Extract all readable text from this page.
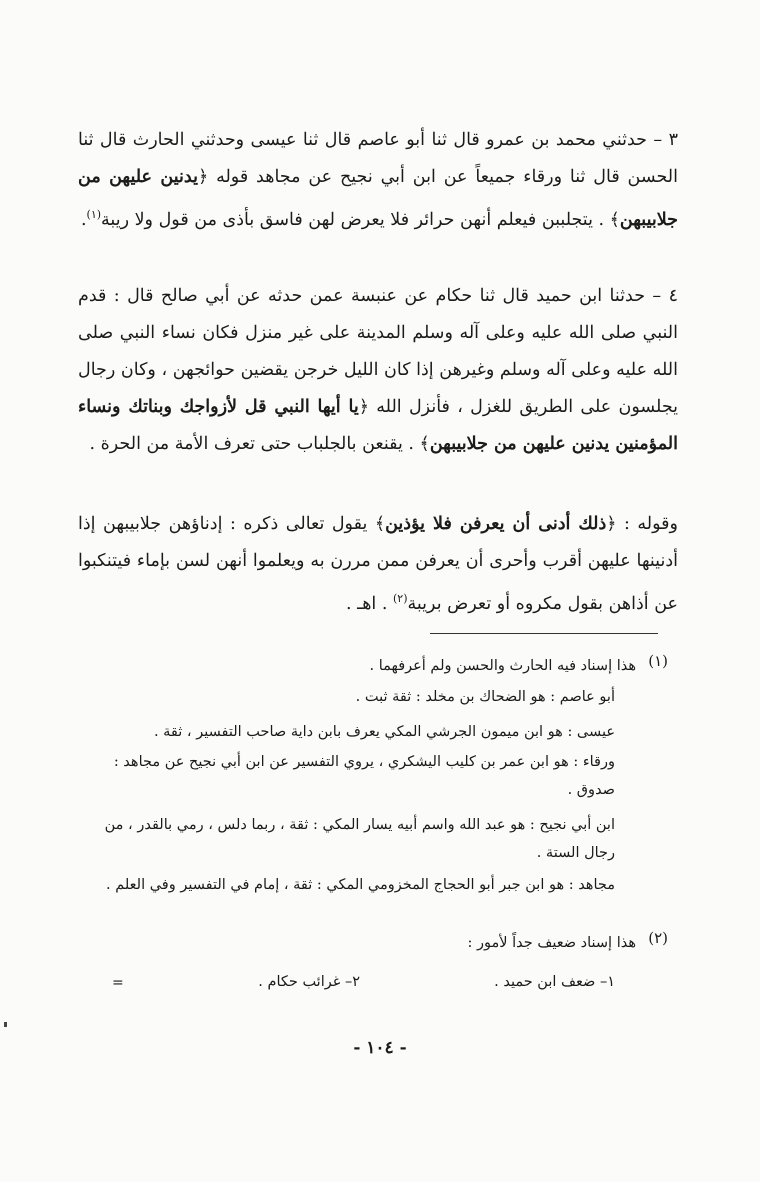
٣ – حدثني محمد بن عمرو قال ثنا أبو عاصم قال ثنا عيسى وحدثني الحارث قال ثنا الحسن قال ثنا ورقاء جميعاً عن ابن أبي نجيح عن مجاهد قوله ﴿يدنين عليهن من جلابيبهن﴾ . يتجلببن فيعلم أنهن حرائر فلا يعرض لهن فاسق بأذى من قول ولا ريبة$^{(١)}$.
٤ – حدثنا ابن حميد قال ثنا حكام عن عنبسة عمن حدثه عن أبي صالح قال : قدم النبي صلى الله عليه وعلى آله وسلم المدينة على غير منزل فكان نساء النبي صلى الله عليه وعلى آله وسلم وغيرهن إذا كان الليل خرجن يقضين حوائجهن ، وكان رجال يجلسون على الطريق للغزل ، فأنزل الله ﴿يا أيها النبي قل لأزواجك وبناتك ونساء المؤمنين يدنين عليهن من جلابيبهن﴾ . يقنعن بالجلباب حتى تعرف الأمة من الحرة .
وقوله : ﴿ذلك أدنى أن يعرفن فلا يؤذين﴾ يقول تعالى ذكره : إدناؤهن جلابيبهن إذا أدنينها عليهن أقرب وأحرى أن يعرفن ممن مررن به ويعلموا أنهن لسن بإماء فيتنكبوا عن أذاهن بقول مكروه أو تعرض بريبة$^{(٢)}$ . اهـ .
(١)
هذا إسناد فيه الحارث والحسن ولم أعرفهما .
أبو عاصم : هو الضحاك بن مخلد : ثقة ثبت .
عيسى : هو ابن ميمون الجرشي المكي يعرف بابن داية صاحب التفسير ، ثقة .
ورقاء : هو ابن عمر بن كليب اليشكري ، يروي التفسير عن ابن أبي نجيح عن مجاهد : صدوق .
ابن أبي نجيح : هو عبد الله واسم أبيه يسار المكي : ثقة ، ربما دلس ، رمي بالقدر ، من رجال الستة .
مجاهد : هو ابن جبر أبو الحجاج المخزومي المكي : ثقة ، إمام في التفسير وفي العلم .
(٢)
هذا إسناد ضعيف جداً لأمور :
١– ضعف ابن حميد .
٢– غرائب حكام .
=
- ١٠٤ -
